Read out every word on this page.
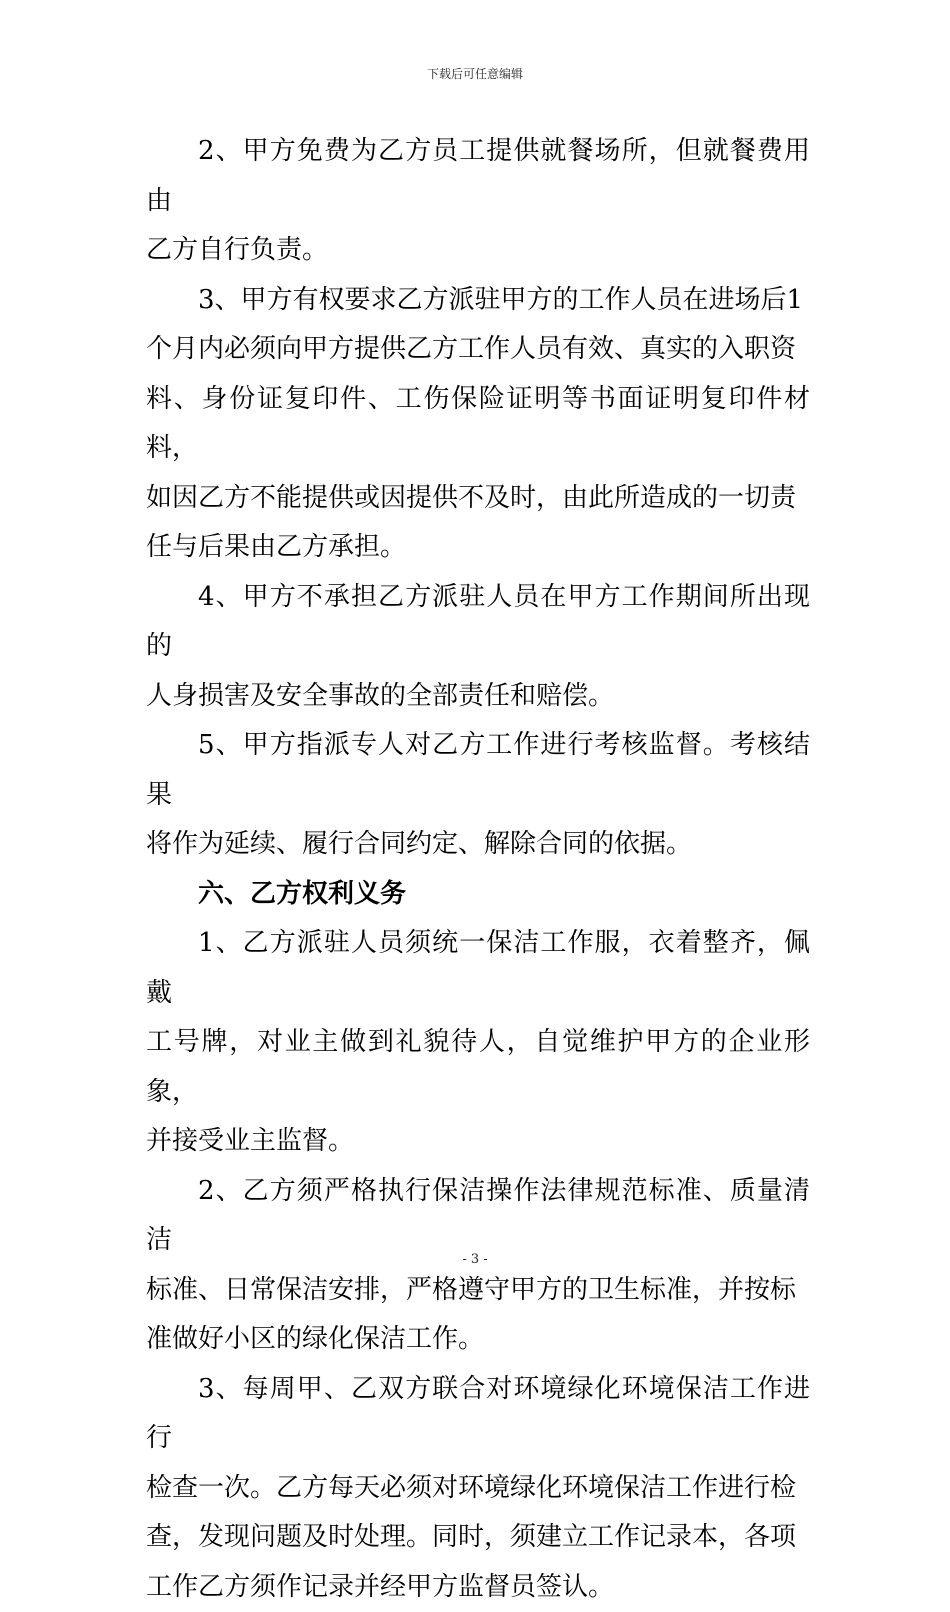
下载后可任意编辑

2、甲方免费为乙方员工提供就餐场所，但就餐费用由
乙方自行负责。

3、甲方有权要求乙方派驻甲方的工作人员在进场后1
个月内必须向甲方提供乙方工作人员有效、真实的入职资
料、身份证复印件、工伤保险证明等书面证明复印件材料，
如因乙方不能提供或因提供不及时，由此所造成的一切责
任与后果由乙方承担。

4、甲方不承担乙方派驻人员在甲方工作期间所出现的
人身损害及安全事故的全部责任和赔偿。

5、甲方指派专人对乙方工作进行考核监督。考核结果
将作为延续、履行合同约定、解除合同的依据。

六、乙方权利义务

1、乙方派驻人员须统一保洁工作服，衣着整齐，佩戴
工号牌，对业主做到礼貌待人，自觉维护甲方的企业形象，
并接受业主监督。

2、乙方须严格执行保洁操作法律规范标准、质量清洁
标准、日常保洁安排，严格遵守甲方的卫生标准，并按标
准做好小区的绿化保洁工作。

3、每周甲、乙双方联合对环境绿化环境保洁工作进行
检查一次。乙方每天必须对环境绿化环境保洁工作进行检
查，发现问题及时处理。同时，须建立工作记录本，各项
工作乙方须作记录并经甲方监督员签认。

- 3 -
